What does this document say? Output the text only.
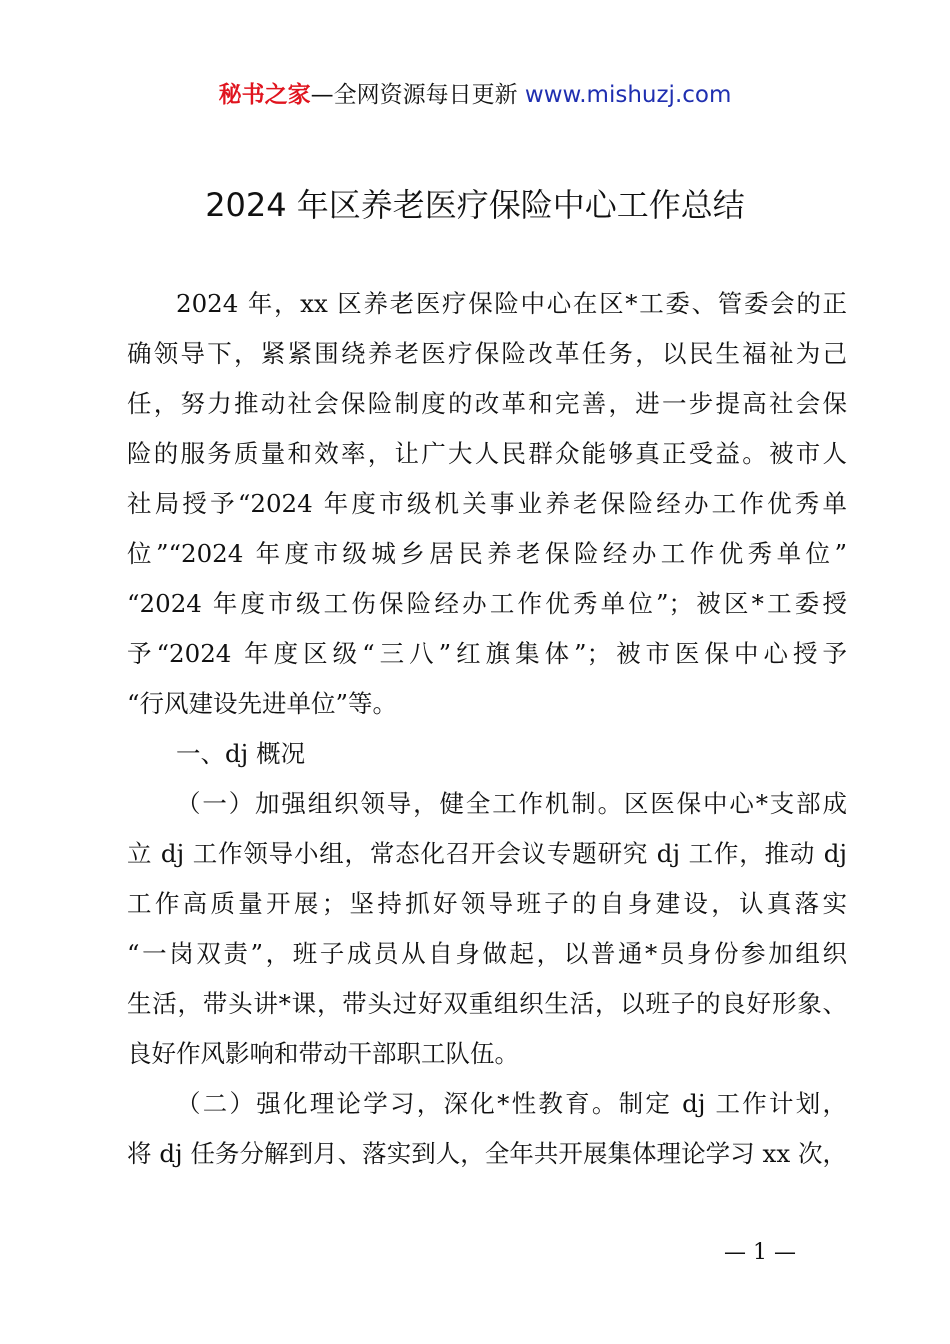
秘书之家—全网资源每日更新 www.mishuzj.com
2024 年区养老医疗保险中心工作总结
2024 年，xx 区养老医疗保险中心在区*工委、管委会的正
确领导下，紧紧围绕养老医疗保险改革任务，以民生福祉为己
任，努力推动社会保险制度的改革和完善，进一步提高社会保
险的服务质量和效率，让广大人民群众能够真正受益。被市人
社局授予“2024 年度市级机关事业养老保险经办工作优秀单
位”“2024 年度市级城乡居民养老保险经办工作优秀单位”
“2024 年度市级工伤保险经办工作优秀单位”；被区*工委授
予“2024 年度区级“三八”红旗集体”；被市医保中心授予
“行风建设先进单位”等。
一、dj 概况
（一）加强组织领导，健全工作机制。区医保中心*支部成
立 dj 工作领导小组，常态化召开会议专题研究 dj 工作，推动 dj
工作高质量开展；坚持抓好领导班子的自身建设，认真落实
“一岗双责”，班子成员从自身做起，以普通*员身份参加组织
生活，带头讲*课，带头过好双重组织生活，以班子的良好形象、
良好作风影响和带动干部职工队伍。
（二）强化理论学习，深化*性教育。制定 dj 工作计划，
将 dj 任务分解到月、落实到人，全年共开展集体理论学习 xx 次，
— 1 —
